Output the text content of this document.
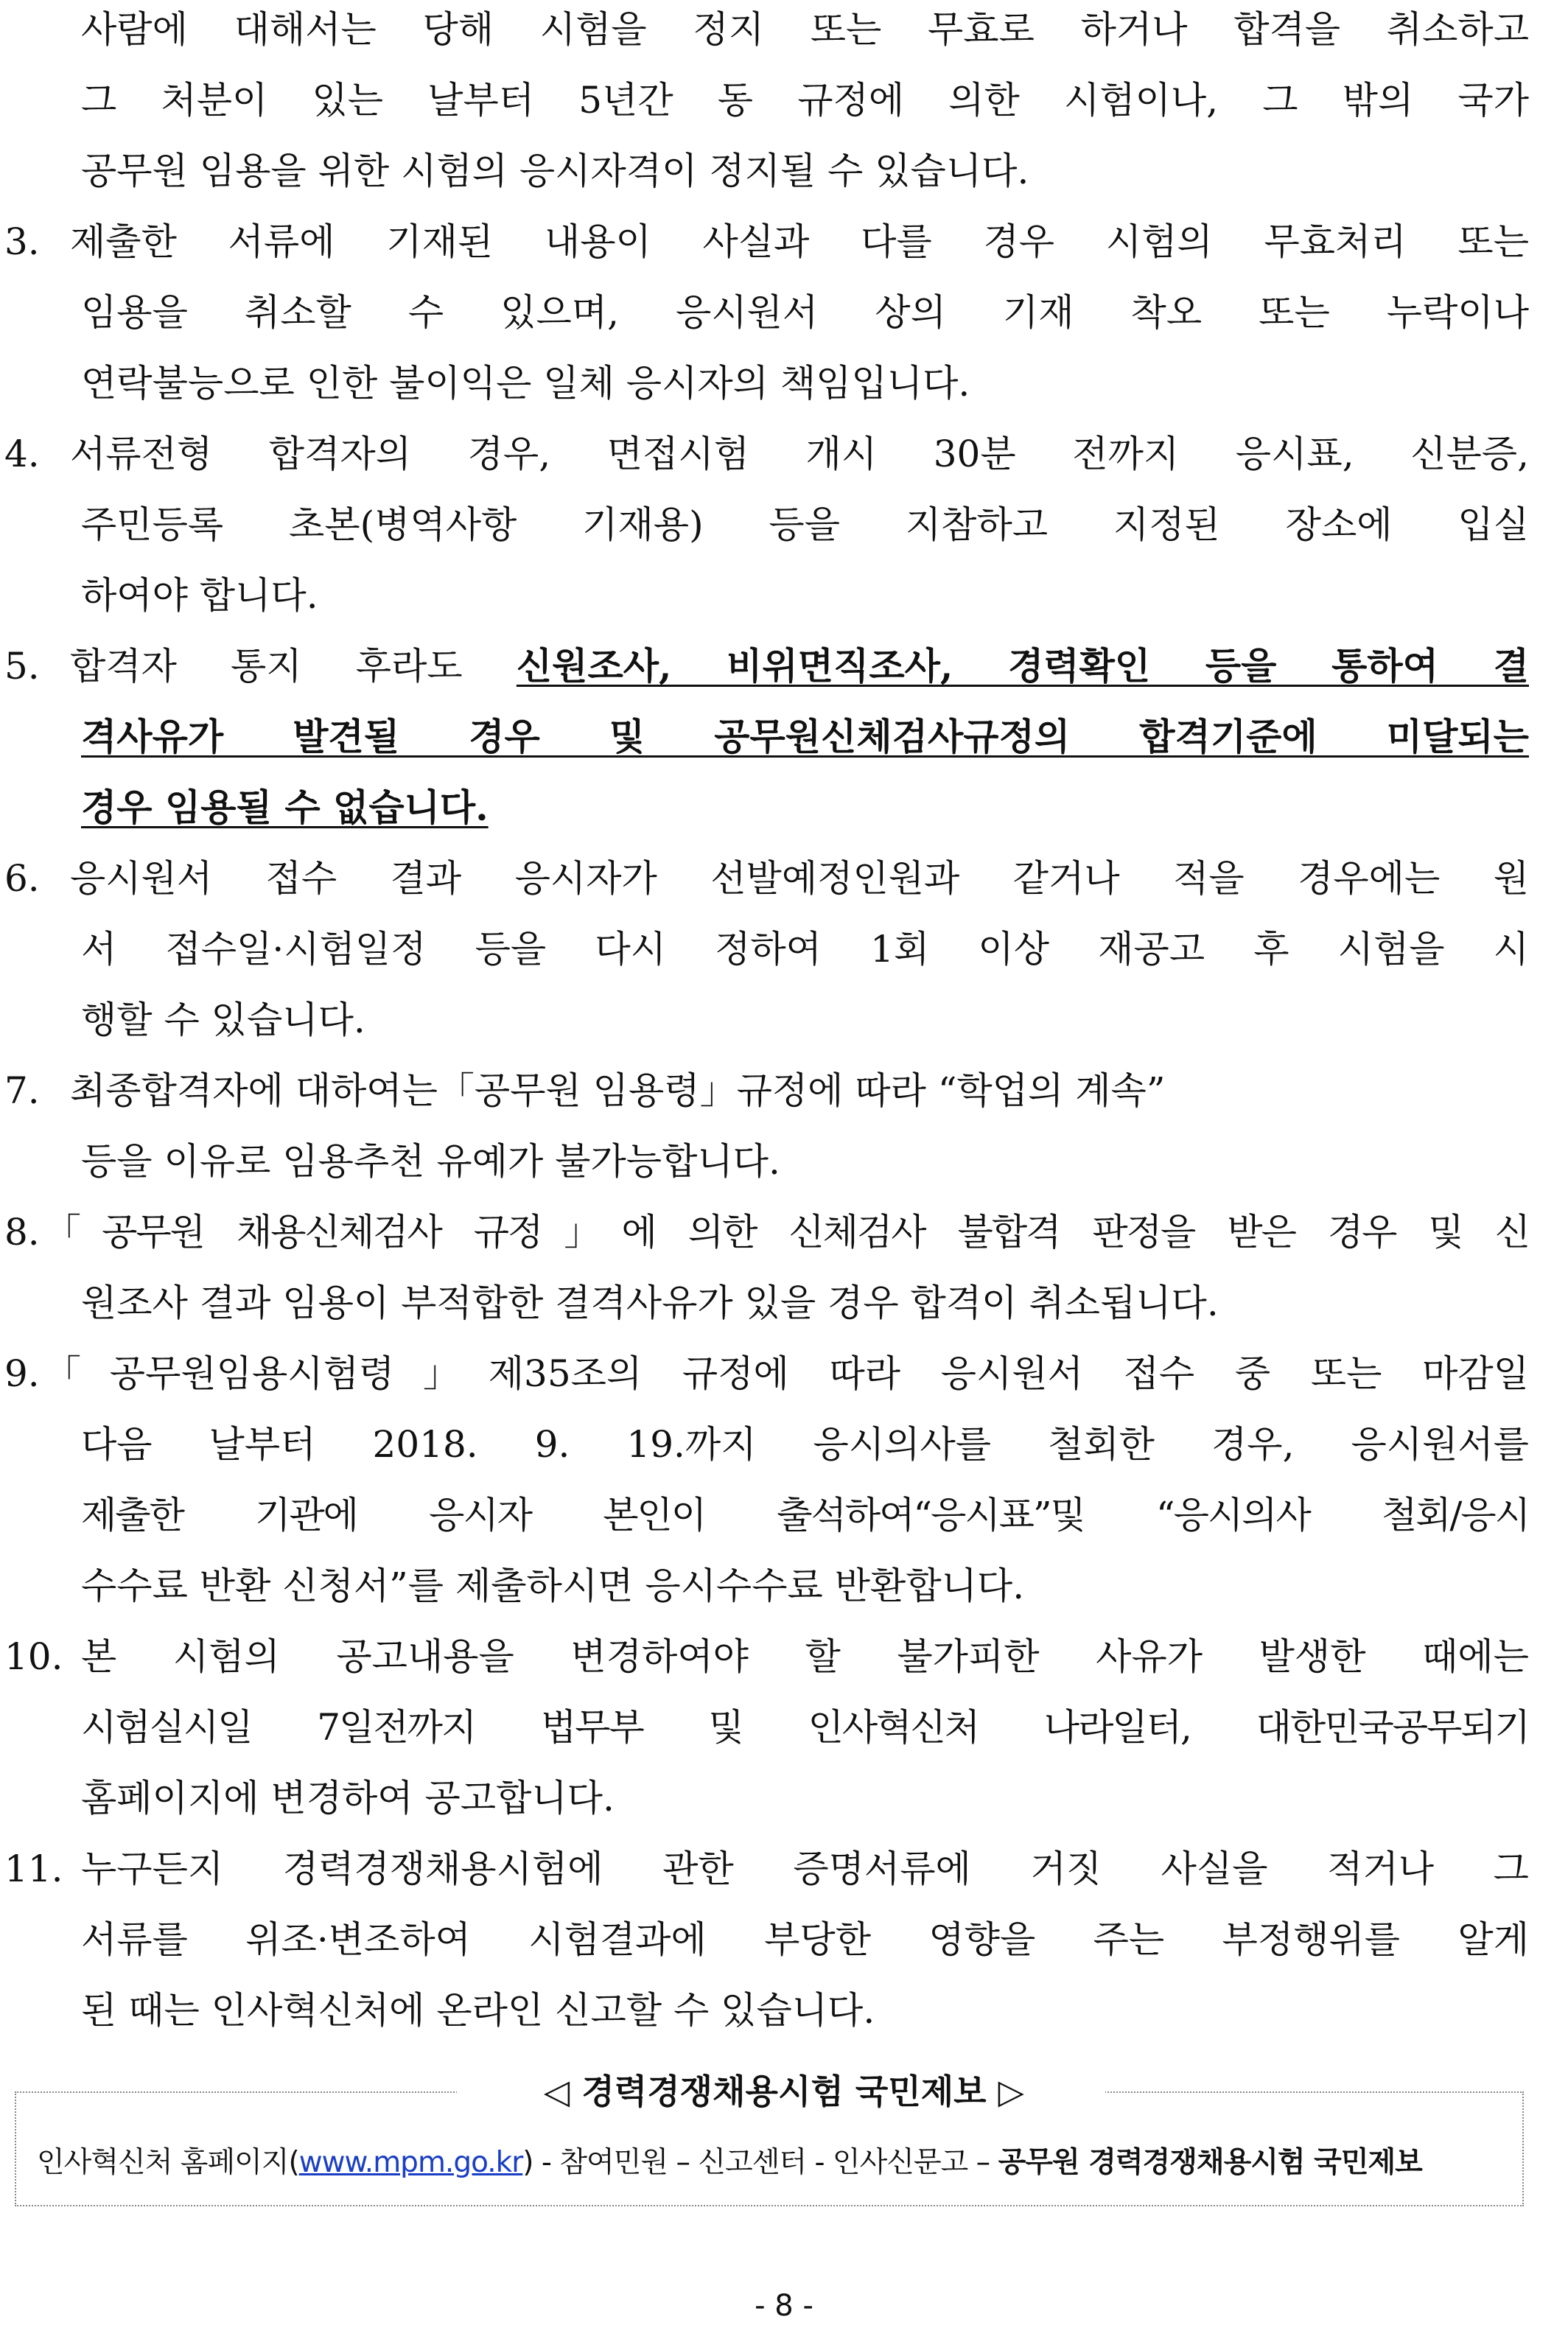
사람에 대해서는 당해 시험을 정지 또는 무효로 하거나 합격을 취소하고
그 처분이 있는 날부터 5년간 동 규정에 의한 시험이나, 그 밖의 국가
공무원 임용을 위한 시험의 응시자격이 정지될 수 있습니다.
3. 제출한 서류에 기재된 내용이 사실과 다를 경우 시험의 무효처리 또는
임용을 취소할 수 있으며, 응시원서 상의 기재 착오 또는 누락이나
연락불능으로 인한 불이익은 일체 응시자의 책임입니다.
4. 서류전형 합격자의 경우, 면접시험 개시 30분 전까지 응시표, 신분증,
주민등록 초본(병역사항 기재용) 등을 지참하고 지정된 장소에 입실
하여야 합니다.
5. 합격자 통지 후라도 신원조사, 비위면직조사, 경력확인 등을 통하여 결
격사유가 발견될 경우 및 공무원신체검사규정의 합격기준에 미달되는
경우 임용될 수 없습니다.
6. 응시원서 접수 결과 응시자가 선발예정인원과 같거나 적을 경우에는 원
서 접수일·시험일정 등을 다시 정하여 1회 이상 재공고 후 시험을 시
행할 수 있습니다.
7. 최종합격자에 대하여는「공무원 임용령」규정에 따라 “학업의 계속”
등을 이유로 임용추천 유예가 불가능합니다.
8. 「공무원 채용신체검사 규정」에 의한 신체검사 불합격 판정을 받은 경우 및 신
원조사 결과 임용이 부적합한 결격사유가 있을 경우 합격이 취소됩니다.
9. 「공무원임용시험령」제35조의 규정에 따라 응시원서 접수 중 또는 마감일
다음 날부터 2018. 9. 19.까지 응시의사를 철회한 경우, 응시원서를
제출한 기관에 응시자 본인이 출석하여“응시표”및 “응시의사 철회/응시
수수료 반환 신청서”를 제출하시면 응시수수료 반환합니다.
10. 본 시험의 공고내용을 변경하여야 할 불가피한 사유가 발생한 때에는
시험실시일 7일전까지 법무부 및 인사혁신처 나라일터, 대한민국공무되기
홈페이지에 변경하여 공고합니다.
11. 누구든지 경력경쟁채용시험에 관한 증명서류에 거짓 사실을 적거나 그
서류를 위조·변조하여 시험결과에 부당한 영향을 주는 부정행위를 알게
된 때는 인사혁신처에 온라인 신고할 수 있습니다.
◁ 경력경쟁채용시험 국민제보 ▷
인사혁신처 홈페이지(www.mpm.go.kr) - 참여민원 – 신고센터 - 인사신문고 – 공무원 경력경쟁채용시험 국민제보
- 8 -
